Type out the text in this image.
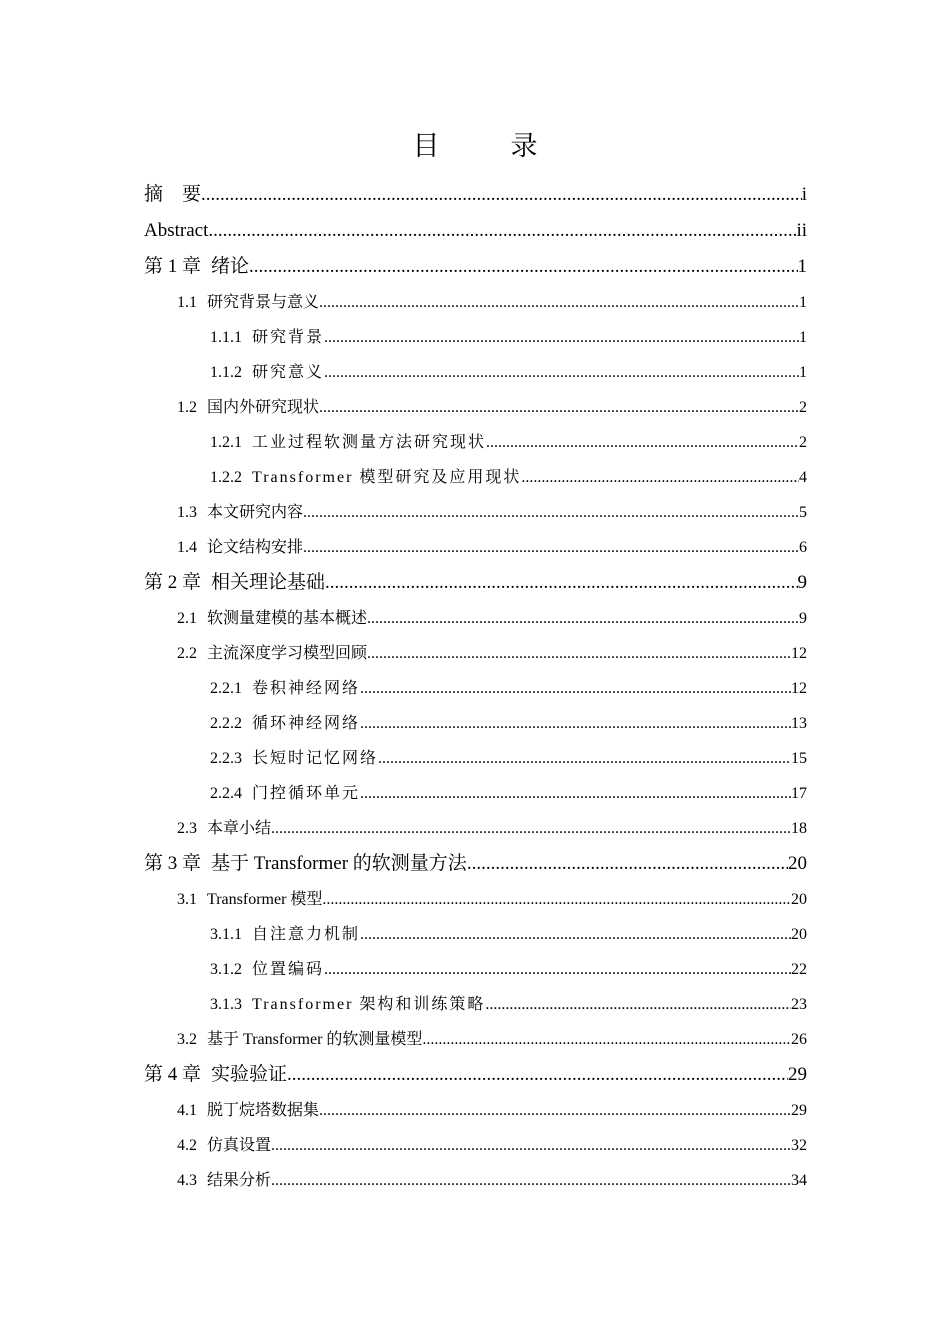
目　录
摘　要 .....	i
Abstract .....	ii
第 1 章 绪论 .....	1
1.1 研究背景与意义 .....	1
1.1.1 研究背景 .....	1
1.1.2 研究意义 .....	1
1.2 国内外研究现状 .....	2
1.2.1 工业过程软测量方法研究现状 .....	2
1.2.2 Transformer 模型研究及应用现状 .....	4
1.3 本文研究内容 .....	5
1.4 论文结构安排 .....	6
第 2 章 相关理论基础 .....	9
2.1 软测量建模的基本概述 .....	9
2.2 主流深度学习模型回顾 .....	12
2.2.1 卷积神经网络 .....	12
2.2.2 循环神经网络 .....	13
2.2.3 长短时记忆网络 .....	15
2.2.4 门控循环单元 .....	17
2.3 本章小结 .....	18
第 3 章 基于 Transformer 的软测量方法 .....	20
3.1 Transformer 模型 .....	20
3.1.1 自注意力机制 .....	20
3.1.2 位置编码 .....	22
3.1.3 Transformer 架构和训练策略 .....	23
3.2 基于 Transformer 的软测量模型 .....	26
第 4 章 实验验证 .....	29
4.1 脱丁烷塔数据集 .....	29
4.2 仿真设置 .....	32
4.3 结果分析 .....	34
